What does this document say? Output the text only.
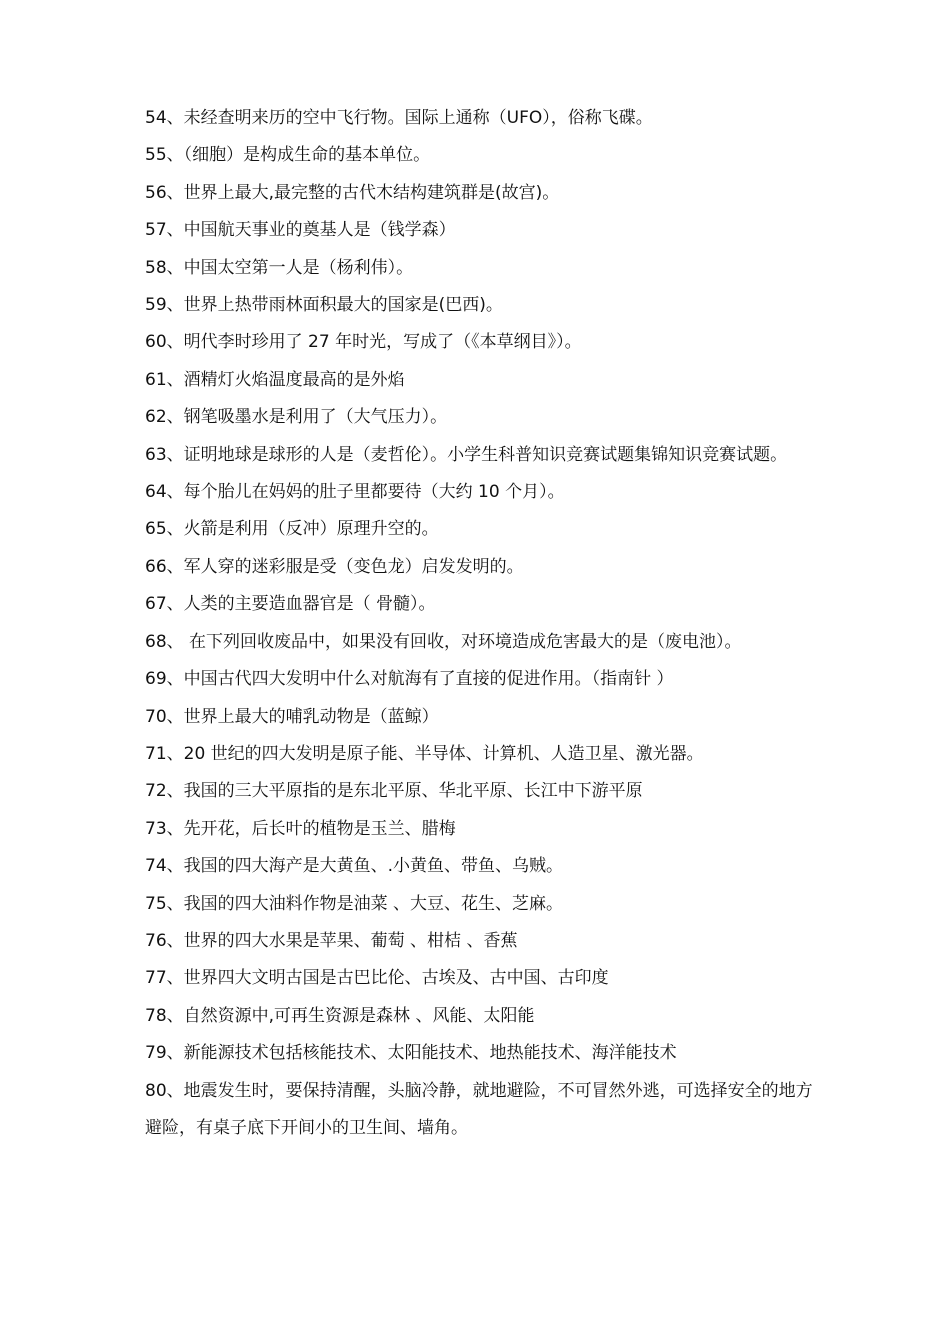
54、未经查明来历的空中飞行物。国际上通称（UFO），俗称飞碟。

55、（细胞）是构成生命的基本单位。

56、世界上最大,最完整的古代木结构建筑群是(故宫)。

57、中国航天事业的奠基人是（钱学森）

58、中国太空第一人是（杨利伟）。

59、世界上热带雨林面积最大的国家是(巴西)。

60、明代李时珍用了 27 年时光，写成了（《本草纲目》）。

61、酒精灯火焰温度最高的是外焰

62、钢笔吸墨水是利用了（大气压力）。

63、证明地球是球形的人是（麦哲伦）。小学生科普知识竞赛试题集锦知识竞赛试题。

64、每个胎儿在妈妈的肚子里都要待（大约 10 个月）。

65、火箭是利用（反冲）原理升空的。

66、军人穿的迷彩服是受（变色龙）启发发明的。

67、人类的主要造血器官是（ 骨髓）。

68、 在下列回收废品中，如果没有回收，对环境造成危害最大的是（废电池）。

69、中国古代四大发明中什么对航海有了直接的促进作用。（指南针 ）

70、世界上最大的哺乳动物是（蓝鲸）

71、20 世纪的四大发明是原子能、半导体、计算机、人造卫星、激光器。

72、我国的三大平原指的是东北平原、华北平原、长江中下游平原

73、先开花，后长叶的植物是玉兰、腊梅

74、我国的四大海产是大黄鱼、.小黄鱼、带鱼、乌贼。

75、我国的四大油料作物是油菜 、大豆、花生、芝麻。

76、世界的四大水果是苹果、葡萄 、柑桔 、香蕉

77、世界四大文明古国是古巴比伦、古埃及、古中国、古印度

78、自然资源中,可再生资源是森林 、风能、太阳能

79、新能源技术包括核能技术、太阳能技术、地热能技术、海洋能技术

80、地震发生时，要保持清醒，头脑冷静，就地避险，不可冒然外逃，可选择安全的地方避险，有桌子底下开间小的卫生间、墙角。
